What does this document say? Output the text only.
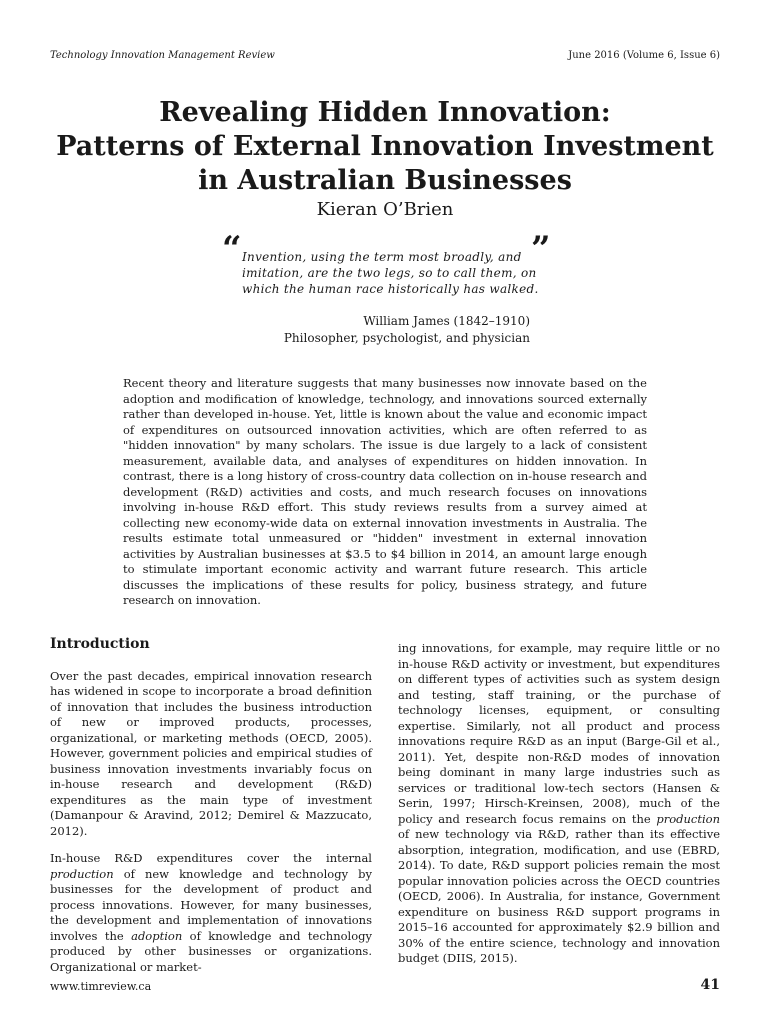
Technology Innovation Management Review	June 2016 (Volume 6, Issue 6)
Revealing Hidden Innovation:
Patterns of External Innovation Investment
in Australian Businesses
Kieran O’Brien
“	”
Invention, using the term most broadly, and
imitation, are the two legs, so to call them, on
which the human race historically has walked.
William James (1842–1910)
Philosopher, psychologist, and physician
Recent theory and literature suggests that many businesses now innovate based on the adoption and modification of knowledge, technology, and innovations sourced externally rather than developed in-house. Yet, little is known about the value and economic impact of expenditures on outsourced innovation activities, which are often referred to as "hidden innovation" by many scholars. The issue is due largely to a lack of consistent measurement, available data, and analyses of expenditures on hidden innovation. In contrast, there is a long history of cross-country data collection on in-house research and development (R&D) activities and costs, and much research focuses on innovations involving in-house R&D effort. This study reviews results from a survey aimed at collecting new economy-wide data on external innovation investments in Australia. The results estimate total unmeasured or "hidden" investment in external innovation activities by Australian businesses at $3.5 to $4 billion in 2014, an amount large enough to stimulate important economic activity and warrant future research. This article discusses the implications of these results for policy, business strategy, and future research on innovation.
Introduction

Over the past decades, empirical innovation research has widened in scope to incorporate a broad definition of innovation that includes the business introduction of new or improved products, processes, organizational, or marketing methods (OECD, 2005). However, government policies and empirical studies of business innovation investments invariably focus on in-house research and development (R&D) expenditures as the main type of investment (Damanpour & Aravind, 2012; Demirel & Mazzucato, 2012).

In-house R&D expenditures cover the internal production of new knowledge and technology by businesses for the development of product and process innovations. However, for many businesses, the development and implementation of innovations involves the adoption of knowledge and technology produced by other businesses or organizations. Organizational or market-

ing innovations, for example, may require little or no in-house R&D activity or investment, but expenditures on different types of activities such as system design and testing, staff training, or the purchase of technology licenses, equipment, or consulting expertise. Similarly, not all product and process innovations require R&D as an input (Barge-Gil et al., 2011). Yet, despite non-R&D modes of innovation being dominant in many large industries such as services or traditional low-tech sectors (Hansen & Serin, 1997; Hirsch-Kreinsen, 2008), much of the policy and research focus remains on the production of new technology via R&D, rather than its effective absorption, integration, modification, and use (EBRD, 2014). To date, R&D support policies remain the most popular innovation policies across the OECD countries (OECD, 2006). In Australia, for instance, Government expenditure on business R&D support programs in 2015–16 accounted for approximately $2.9 billion and 30% of the entire science, technology and innovation budget (DIIS, 2015).

www.timreview.ca	41
